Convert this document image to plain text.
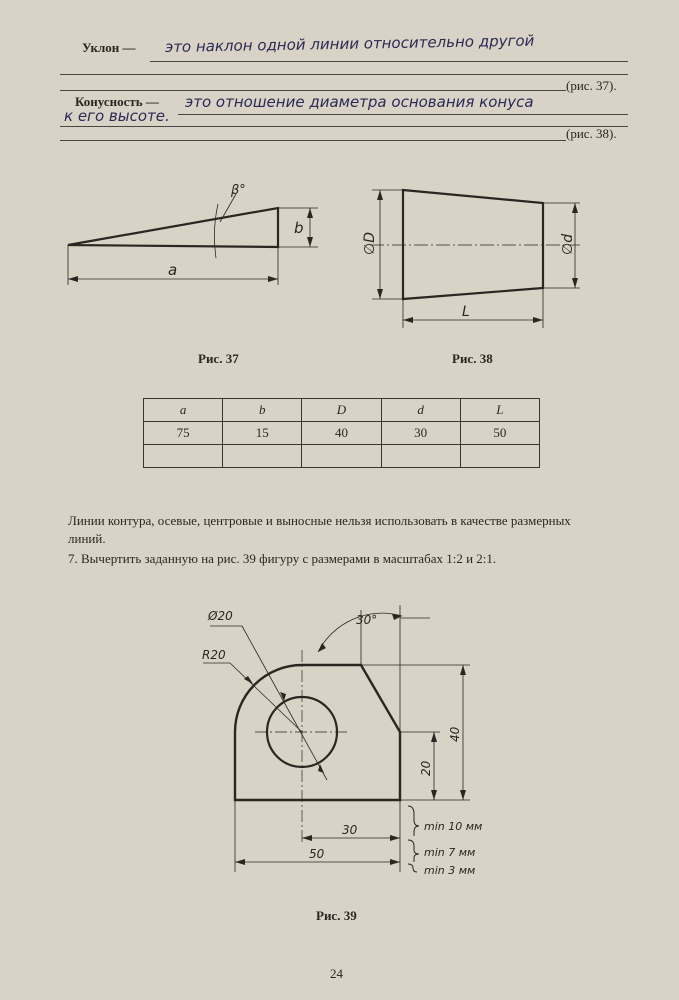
Уклон — это наклон одной линии относительно другой
(рис. 37).
Конусность — это отношение диаметра основания конуса
к его высоте.
(рис. 38).
β°
b
a
Рис. 37
∅D	∅d
L
Рис. 38
a	b	D	d	L
75	15	40	30	50

Линии контура, осевые, центровые и выносные нельзя использовать в качестве размерных линий.
7. Вычертить заданную на рис. 39 фигуру с размерами в масштабах 1:2 и 2:1.
Ø20
R20
30°
40
20
30
50
min 10 мм
min 7 мм
min 3 мм
Рис. 39
24
